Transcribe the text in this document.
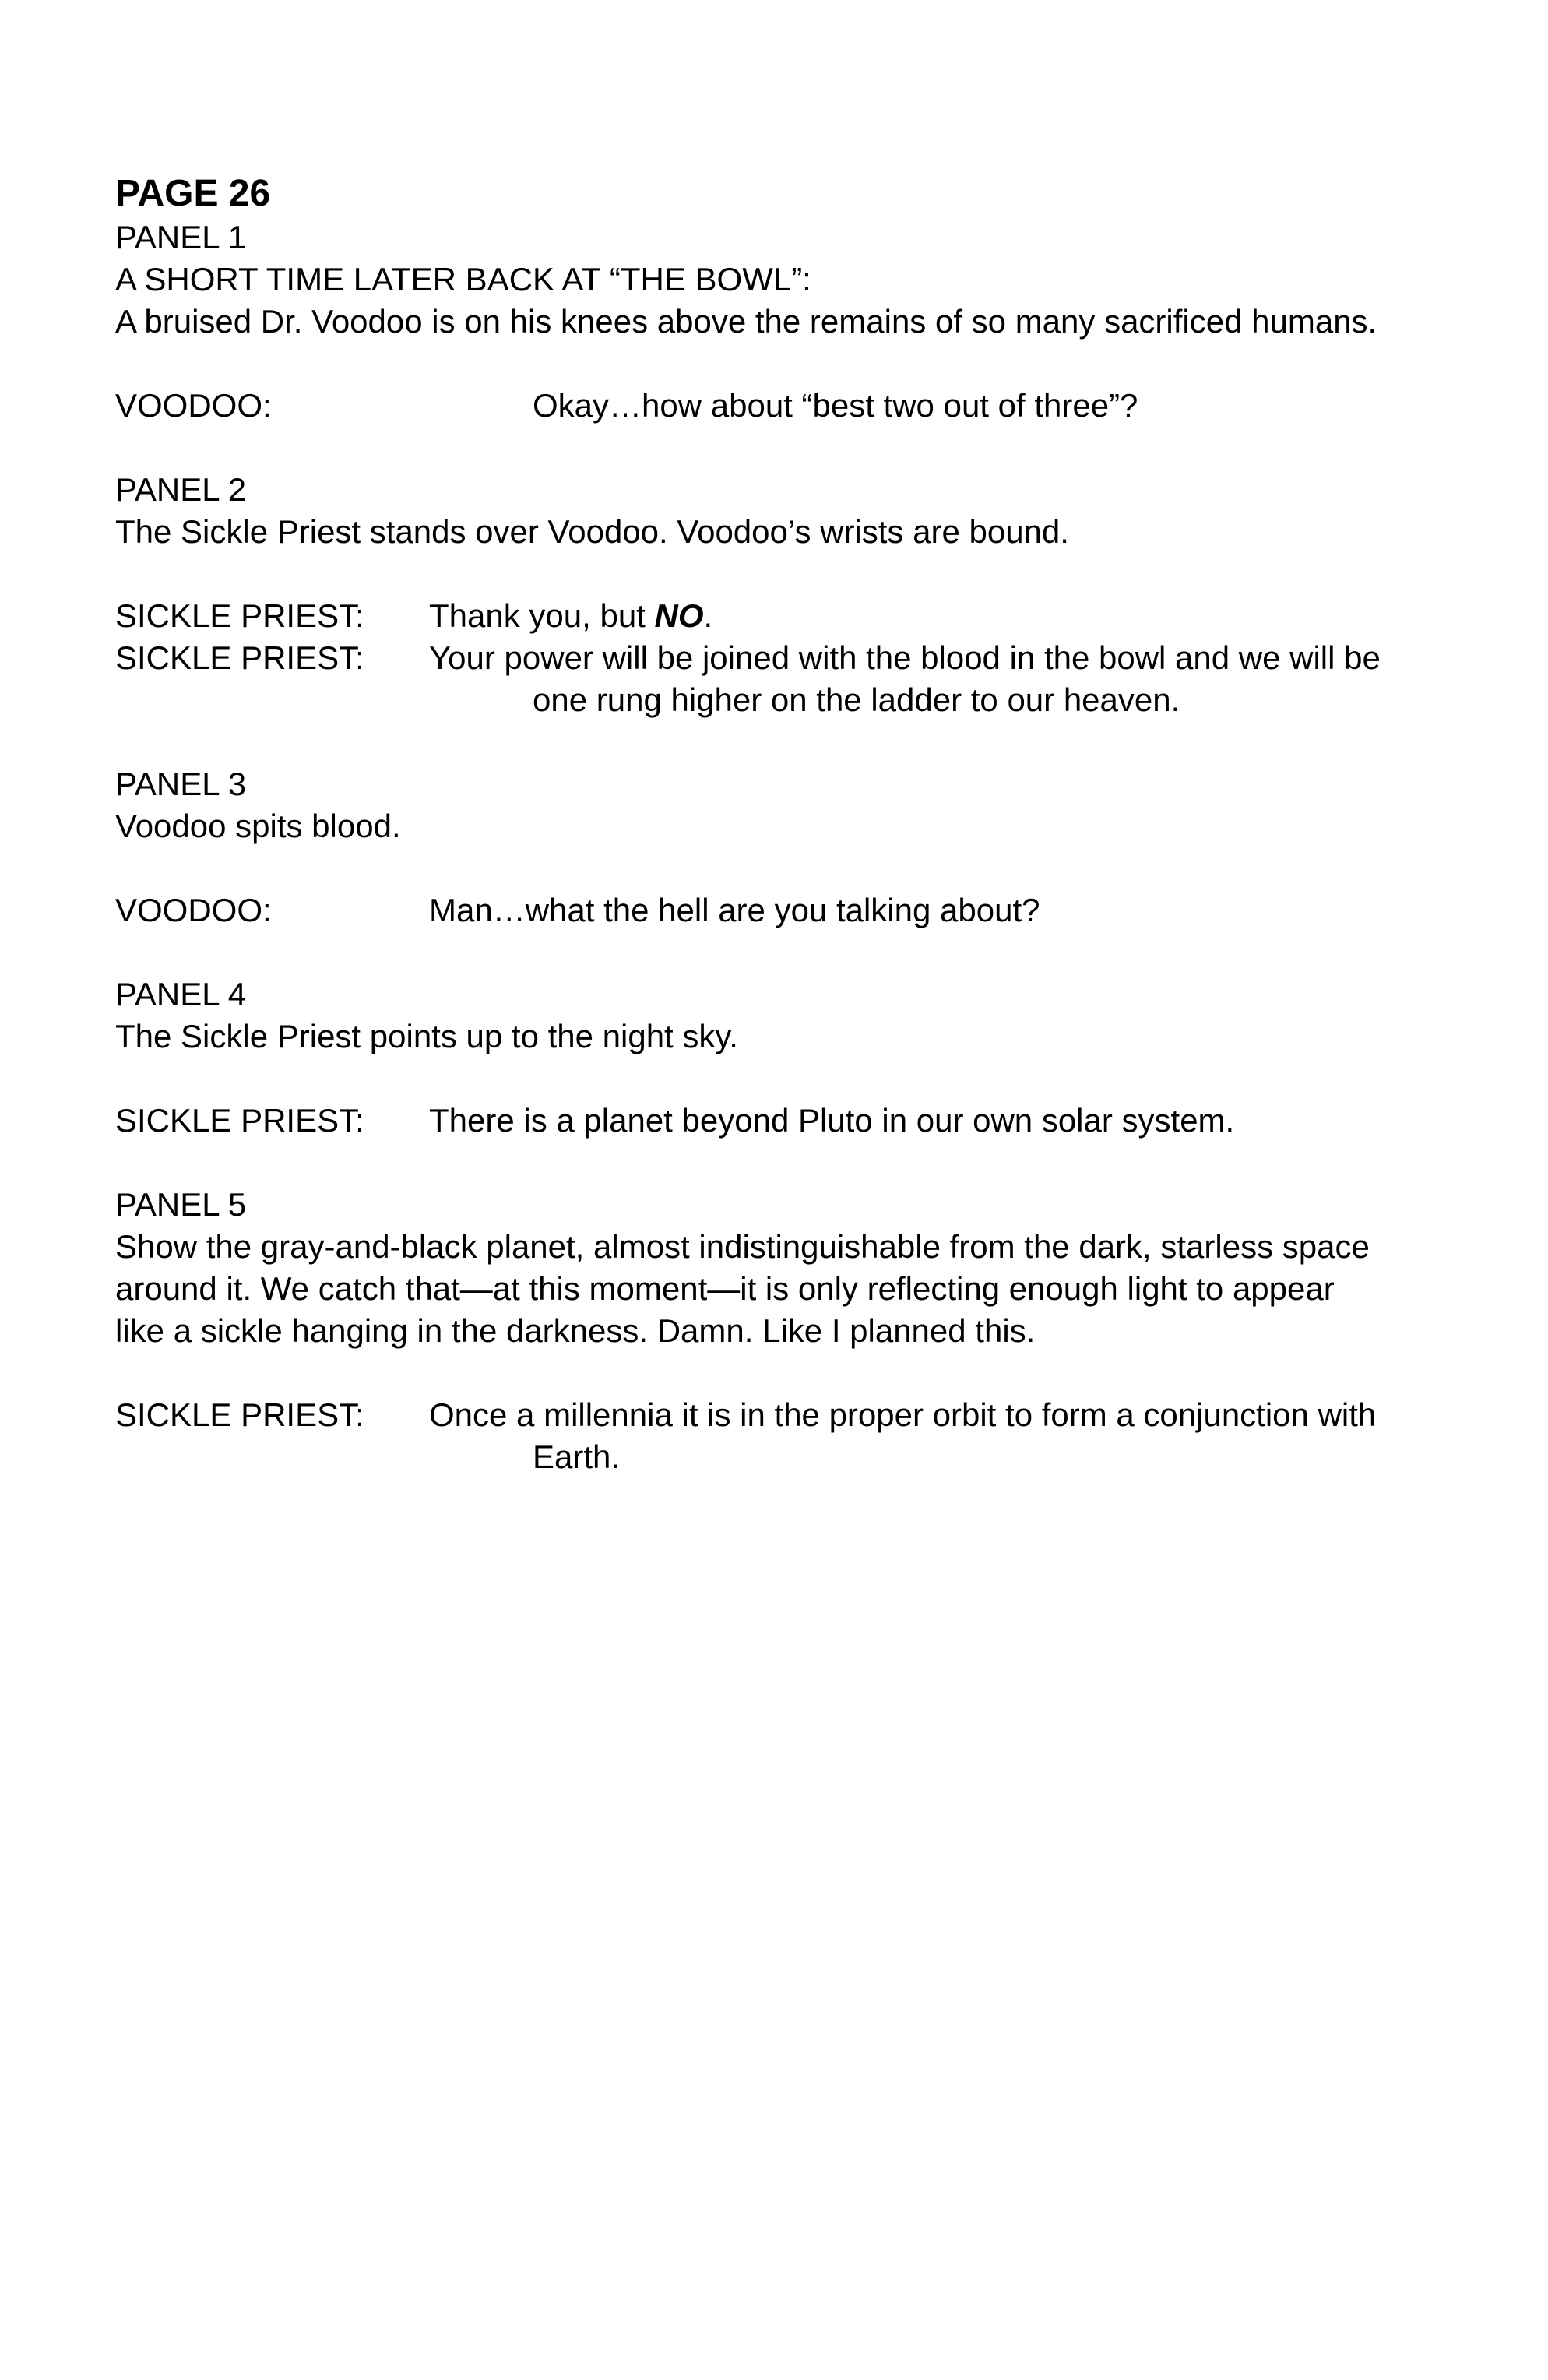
PAGE 26

PANEL 1

A SHORT TIME LATER BACK AT “THE BOWL”:

A bruised Dr. Voodoo is on his knees above the remains of so many sacrificed humans.

VOODOO:	Okay…how about “best two out of three”?

PANEL 2

The Sickle Priest stands over Voodoo. Voodoo’s wrists are bound.

SICKLE PRIEST:	Thank you, but NO.
SICKLE PRIEST:	Your power will be joined with the blood in the bowl and we will be

one rung higher on the ladder to our heaven.

PANEL 3

Voodoo spits blood.

VOODOO:	Man…what the hell are you talking about?

PANEL 4

The Sickle Priest points up to the night sky.

SICKLE PRIEST:	There is a planet beyond Pluto in our own solar system.

PANEL 5

Show the gray-and-black planet, almost indistinguishable from the dark, starless space

around it. We catch that—at this moment—it is only reflecting enough light to appear

like a sickle hanging in the darkness. Damn. Like I planned this.

SICKLE PRIEST:	Once a millennia it is in the proper orbit to form a conjunction with

Earth.
